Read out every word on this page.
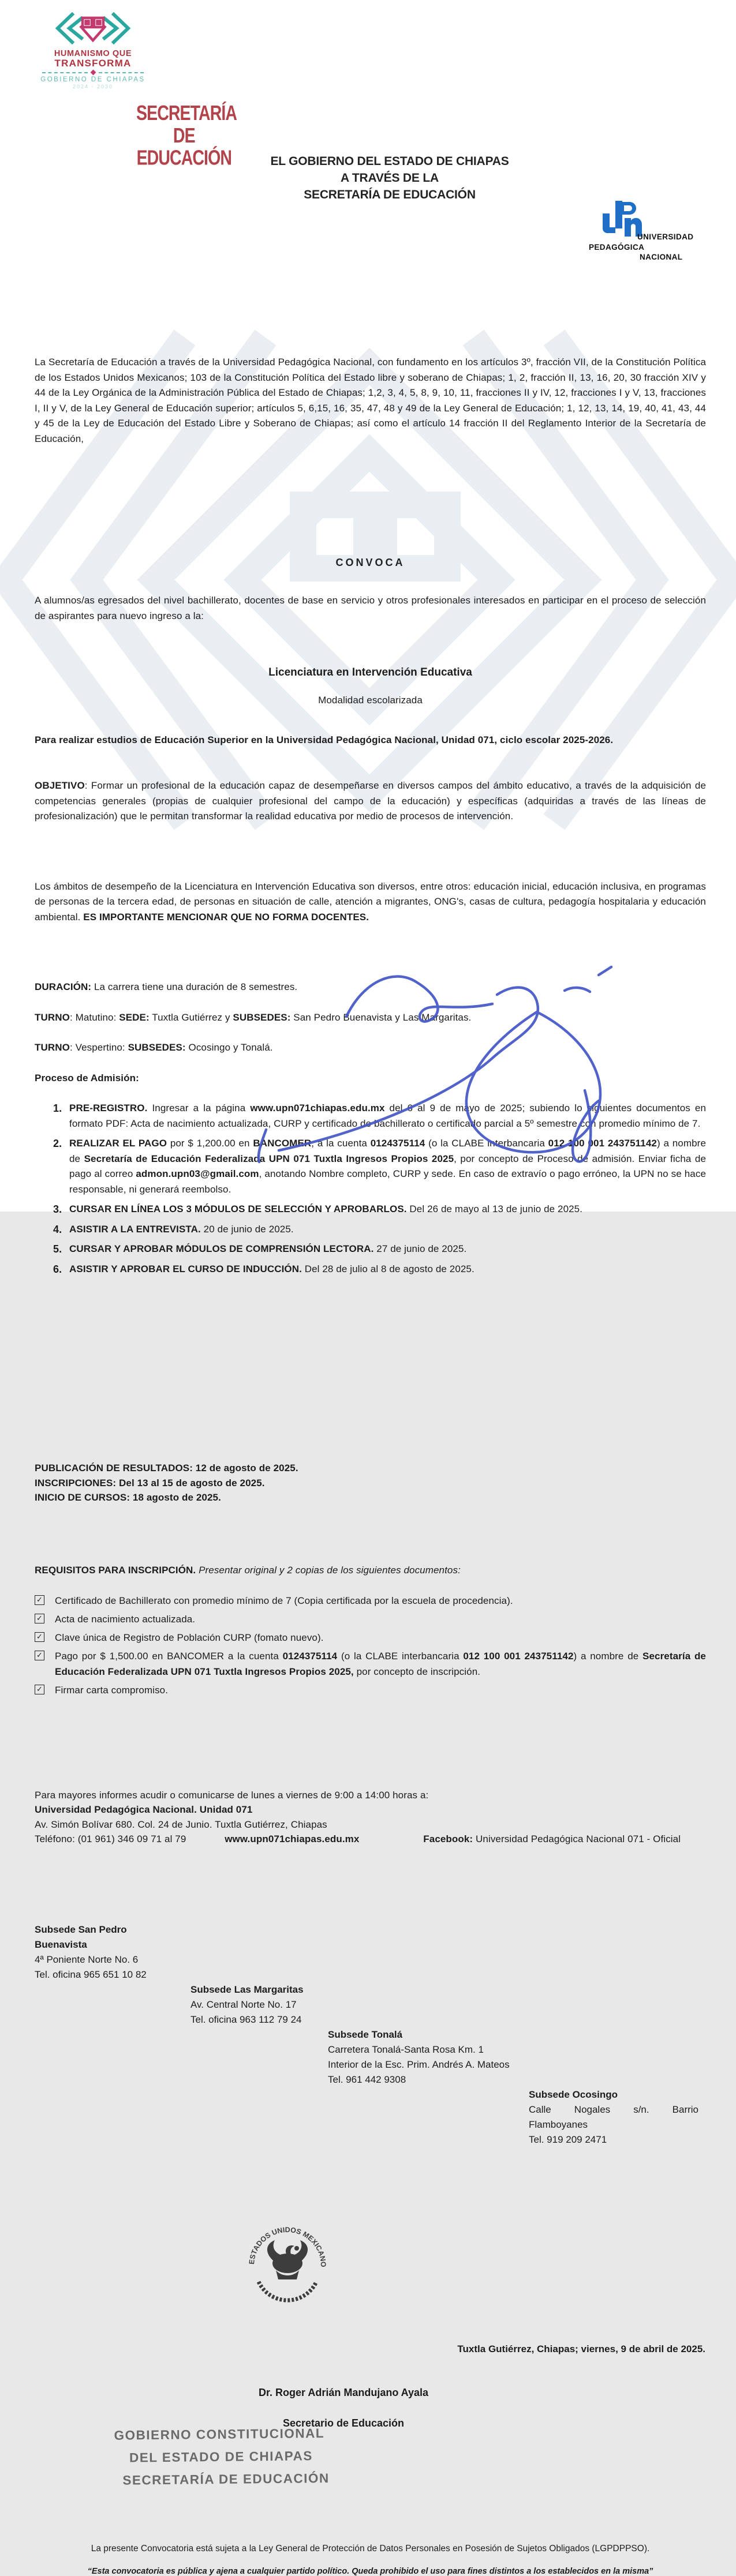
HUMANISMO QUE
TRANSFORMA
GOBIERNO DE CHIAPAS
2024 - 2030
SECRETARÍA DE
EDUCACIÓN	EL GOBIERNO DEL ESTADO DE CHIAPAS
A TRAVÉS DE LA
SECRETARÍA DE EDUCACIÓN
UNIVERSIDAD
PEDAGÓGICA
NACIONAL
La Secretaría de Educación a través de la Universidad Pedagógica Nacional, con fundamento en los artículos 3º, fracción VII, de la Constitución Política de los Estados Unidos Mexicanos; 103 de la Constitución Política del Estado libre y soberano de Chiapas; 1, 2, fracción II, 13, 16, 20, 30 fracción XIV y 44 de la Ley Orgánica de la Administración Pública del Estado de Chiapas; 1,2, 3, 4, 5, 8, 9, 10, 11, fracciones II y IV, 12, fracciones I y V, 13, fracciones I, II y V, de la Ley General de Educación superior; artículos 5, 6,15, 16, 35, 47, 48 y 49 de la Ley General de Educación; 1, 12, 13, 14, 19, 40, 41, 43, 44 y 45 de la Ley de Educación del Estado Libre y Soberano de Chiapas; así como el artículo 14 fracción II del Reglamento Interior de la Secretaría de Educación,
CONVOCA
A alumnos/as egresados del nivel bachillerato, docentes de base en servicio y otros profesionales interesados en participar en el proceso de selección de aspirantes para nuevo ingreso a la:
Licenciatura en Intervención Educativa
Modalidad escolarizada
Para realizar estudios de Educación Superior en la Universidad Pedagógica Nacional, Unidad 071, ciclo escolar 2025-2026.
OBJETIVO: Formar un profesional de la educación capaz de desempeñarse en diversos campos del ámbito educativo, a través de la adquisición de competencias generales (propias de cualquier profesional del campo de la educación) y específicas (adquiridas a través de las líneas de profesionalización) que le permitan transformar la realidad educativa por medio de procesos de intervención.
Los ámbitos de desempeño de la Licenciatura en Intervención Educativa son diversos, entre otros: educación inicial, educación inclusiva, en programas de personas de la tercera edad, de personas en situación de calle, atención a migrantes, ONG's, casas de cultura, pedagogía hospitalaria y educación ambiental. ES IMPORTANTE MENCIONAR QUE NO FORMA DOCENTES.
DURACIÓN: La carrera tiene una duración de 8 semestres.
TURNO: Matutino: SEDE: Tuxtla Gutiérrez y SUBSEDES: San Pedro Buenavista y Las Margaritas.
TURNO: Vespertino: SUBSEDES: Ocosingo y Tonalá.
Proceso de Admisión:
1. PRE-REGISTRO. Ingresar a la página www.upn071chiapas.edu.mx del 6 al 9 de mayo de 2025; subiendo lo siguientes documentos en formato PDF: Acta de nacimiento actualizada, CURP y certificado de bachillerato o certificado parcial a 5º semestre con promedio mínimo de 7.
2. REALIZAR EL PAGO por $ 1,200.00 en BANCOMER, a la cuenta 0124375114 (o la CLABE interbancaria 012 100 001 243751142) a nombre de Secretaría de Educación Federalizada UPN 071 Tuxtla Ingresos Propios 2025, por concepto de Proceso de admisión. Enviar ficha de pago al correo admon.upn03@gmail.com, anotando Nombre completo, CURP y sede. En caso de extravío o pago erróneo, la UPN no se hace responsable, ni generará reembolso.
3. CURSAR EN LÍNEA LOS 3 MÓDULOS DE SELECCIÓN Y APROBARLOS. Del 26 de mayo al 13 de junio de 2025.
4. ASISTIR A LA ENTREVISTA. 20 de junio de 2025.
5. CURSAR Y APROBAR MÓDULOS DE COMPRENSIÓN LECTORA. 27 de junio de 2025.
6. ASISTIR Y APROBAR EL CURSO DE INDUCCIÓN. Del 28 de julio al 8 de agosto de 2025.
PUBLICACIÓN DE RESULTADOS: 12 de agosto de 2025.
INSCRIPCIONES: Del 13 al 15 de agosto de 2025.
INICIO DE CURSOS: 18 agosto de 2025.
REQUISITOS PARA INSCRIPCIÓN. Presentar original y 2 copias de los siguientes documentos:
✓ Certificado de Bachillerato con promedio mínimo de 7 (Copia certificada por la escuela de procedencia).
✓ Acta de nacimiento actualizada.
✓ Clave única de Registro de Población CURP (fomato nuevo).
✓ Pago por $ 1,500.00 en BANCOMER a la cuenta 0124375114 (o la CLABE interbancaria 012 100 001 243751142) a nombre de Secretaría de Educación Federalizada UPN 071 Tuxtla Ingresos Propios 2025, por concepto de inscripción.
✓ Firmar carta compromiso.
Para mayores informes acudir o comunicarse de lunes a viernes de 9:00 a 14:00 horas a:
Universidad Pedagógica Nacional. Unidad 071
Av. Simón Bolívar 680. Col. 24 de Junio. Tuxtla Gutiérrez, Chiapas
Teléfono: (01 961) 346 09 71 al 79	www.upn071chiapas.edu.mx	Facebook: Universidad Pedagógica Nacional 071 - Oficial
Subsede San Pedro Buenavista
4ª Poniente Norte No. 6
Tel. oficina 965 651 10 82
Subsede Las Margaritas
Av. Central Norte No. 17
Tel. oficina 963 112 79 24
Subsede Tonalá
Carretera Tonalá-Santa Rosa Km. 1
Interior de la Esc. Prim. Andrés A. Mateos
Tel. 961 442 9308
Subsede Ocosingo
Calle Nogales s/n. Barrio Flamboyanes
Tel. 919 209 2471
ESTADOS UNIDOS MEXICANO
Tuxtla Gutiérrez, Chiapas; viernes, 9 de abril de 2025.
Dr. Roger Adrián Mandujano Ayala
Secretario de Educación
GOBIERNO CONSTITUCIONAL
DEL ESTADO DE CHIAPAS
SECRETARÍA DE EDUCACIÓN
La presente Convocatoria está sujeta a la Ley General de Protección de Datos Personales en Posesión de Sujetos Obligados (LGPDPPSO).
“Esta convocatoria es pública y ajena a cualquier partido político. Queda prohibido el uso para fines distintos a los establecidos en la misma”
